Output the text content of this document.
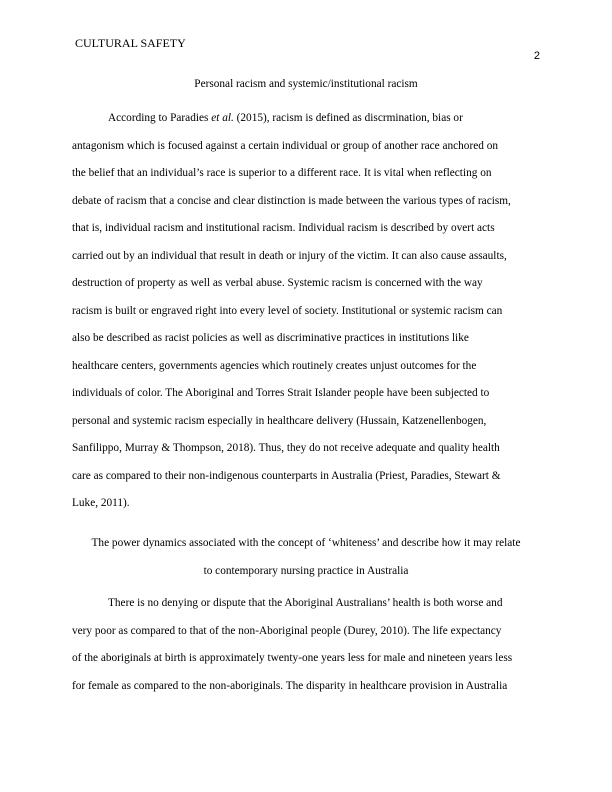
CULTURAL SAFETY
2
Personal racism and systemic/institutional racism
According to Paradies et al. (2015), racism is defined as discrmination, bias or
antagonism which is focused against a certain individual or group of another race anchored on
the belief that an individual’s race is superior to a different race. It is vital when reflecting on
debate of racism that a concise and clear distinction is made between the various types of racism,
that is, individual racism and institutional racism. Individual racism is described by overt acts
carried out by an individual that result in death or injury of the victim. It can also cause assaults,
destruction of property as well as verbal abuse. Systemic racism is concerned with the way
racism is built or engraved right into every level of society. Institutional or systemic racism can
also be described as racist policies as well as discriminative practices in institutions like
healthcare centers, governments agencies which routinely creates unjust outcomes for the
individuals of color. The Aboriginal and Torres Strait Islander people have been subjected to
personal and systemic racism especially in healthcare delivery (Hussain, Katzenellenbogen,
Sanfilippo, Murray & Thompson, 2018). Thus, they do not receive adequate and quality health
care as compared to their non-indigenous counterparts in Australia (Priest, Paradies, Stewart &
Luke, 2011).
The power dynamics associated with the concept of ‘whiteness’ and describe how it may relate
to contemporary nursing practice in Australia
There is no denying or dispute that the Aboriginal Australians’ health is both worse and
very poor as compared to that of the non-Aboriginal people (Durey, 2010). The life expectancy
of the aboriginals at birth is approximately twenty-one years less for male and nineteen years less
for female as compared to the non-aboriginals. The disparity in healthcare provision in Australia
